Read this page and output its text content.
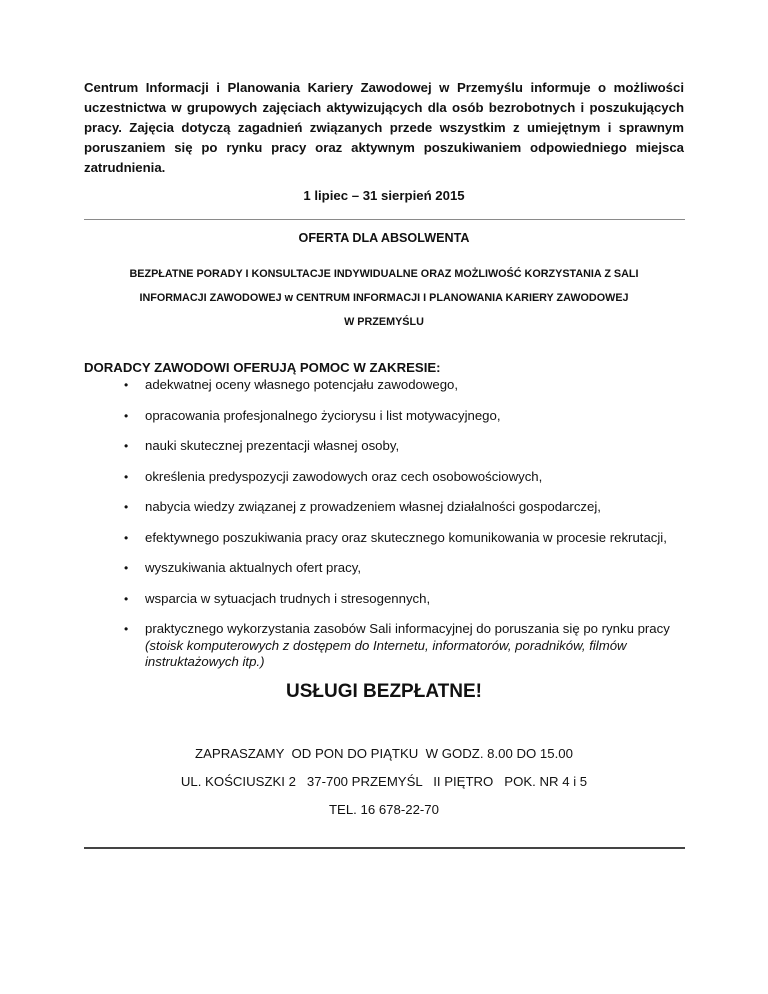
Centrum Informacji i Planowania Kariery Zawodowej w Przemyślu informuje o możliwości uczestnictwa w grupowych zajęciach aktywizujących dla osób bezrobotnych i poszukujących pracy. Zajęcia dotyczą zagadnień związanych przede wszystkim z umiejętnym i sprawnym poruszaniem się po rynku pracy oraz aktywnym poszukiwaniem odpowiedniego miejsca zatrudnienia.

1 lipiec – 31 sierpień 2015

OFERTA DLA ABSOLWENTA

BEZPŁATNE PORADY I KONSULTACJE INDYWIDUALNE ORAZ MOŻLIWOŚĆ KORZYSTANIA Z SALI
INFORMACJI ZAWODOWEJ w CENTRUM INFORMACJI I PLANOWANIA KARIERY ZAWODOWEJ
W PRZEMYŚLU

DORADCY ZAWODOWI OFERUJĄ POMOC W ZAKRESIE:

• adekwatnej oceny własnego potencjału zawodowego,
• opracowania profesjonalnego życiorysu i list motywacyjnego,
• nauki skutecznej prezentacji własnej osoby,
• określenia predyspozycji zawodowych oraz cech osobowościowych,
• nabycia wiedzy związanej z prowadzeniem własnej działalności gospodarczej,
• efektywnego poszukiwania pracy oraz skutecznego komunikowania w procesie rekrutacji,
• wyszukiwania aktualnych ofert pracy,
• wsparcia w sytuacjach trudnych i stresogennych,
• praktycznego wykorzystania zasobów Sali informacyjnej do poruszania się po rynku pracy (stoisk komputerowych z dostępem do Internetu, informatorów, poradników, filmów instruktażowych itp.)

USŁUGI BEZPŁATNE!

ZAPRASZAMY  OD PON DO PIĄTKU  W GODZ. 8.00 DO 15.00
UL. KOŚCIUSZKI 2   37-700 PRZEMYŚL   II PIĘTRO   POK. NR 4 i 5
TEL. 16 678-22-70
